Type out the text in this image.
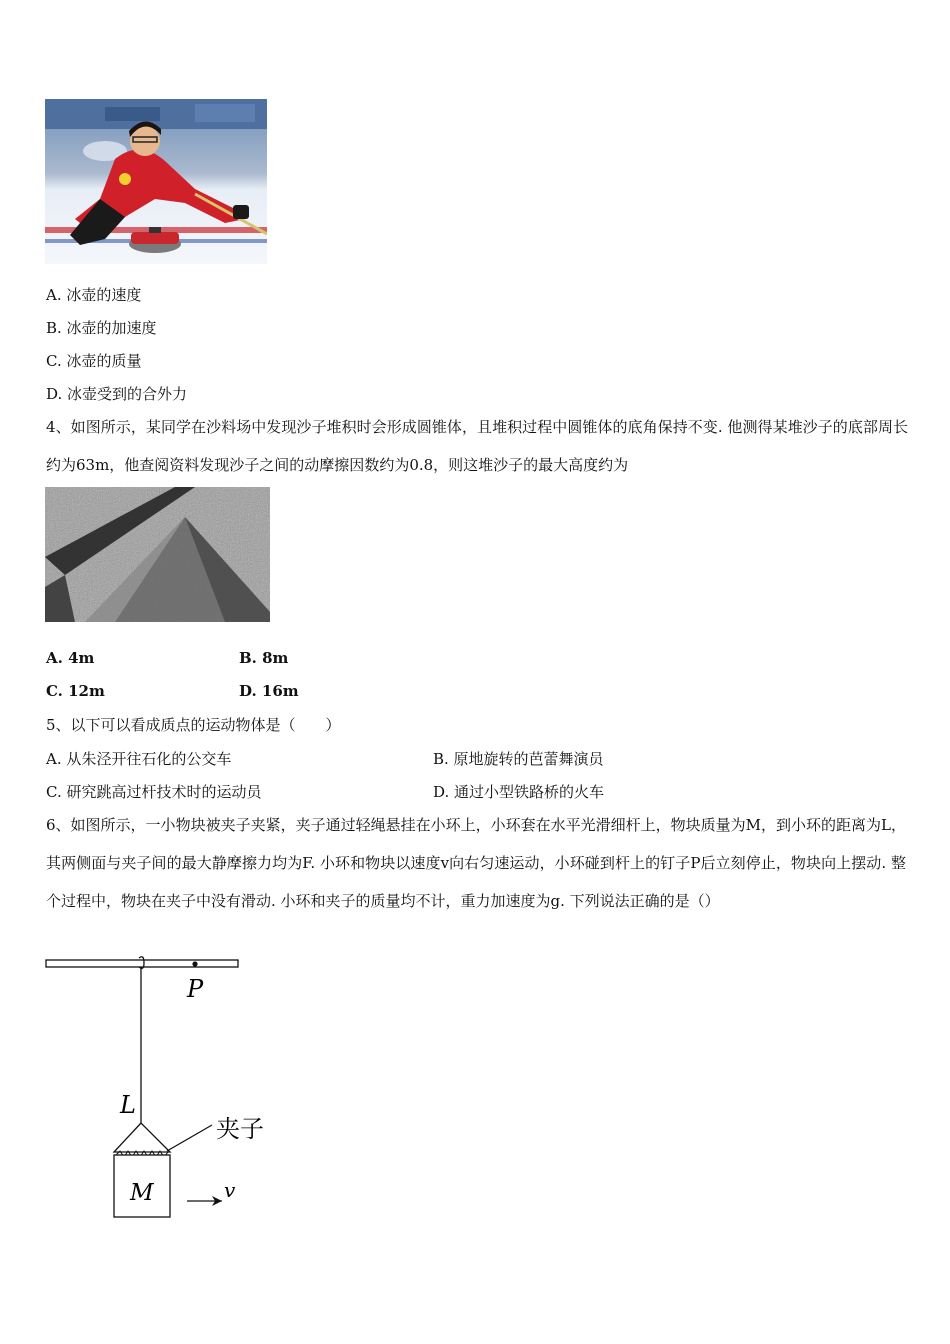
A. 冰壶的速度
B. 冰壶的加速度
C. 冰壶的质量
D. 冰壶受到的合外力
4、如图所示，某同学在沙料场中发现沙子堆积时会形成圆锥体，且堆积过程中圆锥体的底角保持不变. 他测得某堆沙子的底部周长约为63m，他查阅资料发现沙子之间的动摩擦因数约为0.8，则这堆沙子的最大高度约为
A. 4m	B. 8m
C. 12m	D. 16m
5、以下可以看成质点的运动物体是（　　）
A. 从朱泾开往石化的公交车	B. 原地旋转的芭蕾舞演员
C. 研究跳高过杆技术时的运动员	D. 通过小型铁路桥的火车
6、如图所示，一小物块被夹子夹紧，夹子通过轻绳悬挂在小环上，小环套在水平光滑细杆上，物块质量为M，到小环的距离为L，其两侧面与夹子间的最大静摩擦力均为F. 小环和物块以速度v向右匀速运动，小环碰到杆上的钉子P后立刻停止，物块向上摆动. 整个过程中，物块在夹子中没有滑动. 小环和夹子的质量均不计，重力加速度为g. 下列说法正确的是（）
P
L
夹子
M	v
